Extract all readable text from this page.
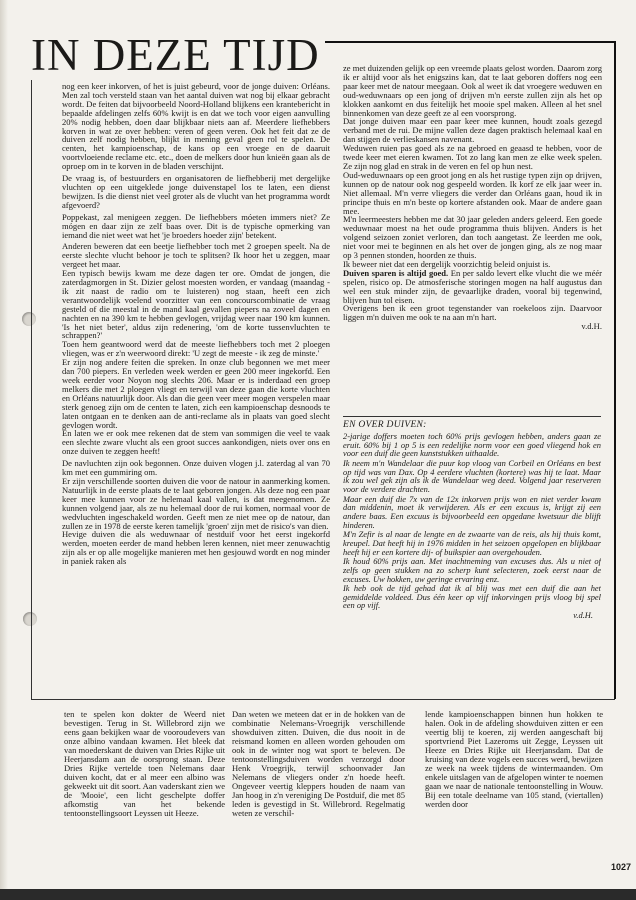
IN DEZE TIJD

nog een keer inkorven, of het is juist gebeurd, voor de jonge duiven: Orléans. Men zal toch versteld staan van het aantal duiven wat nog bij elkaar gebracht wordt. De feiten dat bijvoorbeeld Noord-Holland blijkens een krantebericht in bepaalde afdelingen zelfs 60% kwijt is en dat we toch voor eigen aanvulling 20% nodig hebben, doen daar blijkbaar niets aan af. Meerdere liefhebbers korven in wat ze over hebben: veren of geen veren. Ook het feit dat ze de duiven zelf nodig hebben, blijkt in mening geval geen rol te spelen. De centen, het kampioenschap, de kans op een vroege en de daaruit voortvloeiende reclame etc. etc., doen de melkers door hun knieën gaan als de oproep om in te korven in de bladen verschijnt.

De vraag is, of bestuurders en organisatoren de liefhebberij met dergelijke vluchten op een uitgeklede jonge duivenstapel los te laten, een dienst bewijzen. Is die dienst niet veel groter als de vlucht van het programma wordt afgevoerd?

Poppekast, zal menigeen zeggen. De liefhebbers móeten immers niet? Ze mógen en daar zijn ze zelf baas over. Dit is de typische opmerking van iemand die niet weet wat het 'je broeders hoeder zijn' betekent.

Anderen beweren dat een beetje liefhebber toch met 2 groepen speelt. Na de eerste slechte vlucht behoor je toch te splitsen? Ik hoor het u zeggen, maar vergeet het maar.

Een typisch bewijs kwam me deze dagen ter ore. Omdat de jongen, die zaterdagmorgen in St. Dizier gelost moesten worden, er vandaag (maandag - ik zit naast de radio om te luisteren) nog staan, heeft een zich verantwoordelijk voelend voorzitter van een concourscombinatie de vraag gesteld of die meestal in de mand kaal gevallen piepers na zoveel dagen en nachten en na 390 km te hebben gevlogen, vrijdag weer naar 190 km kunnen. 'Is het niet beter', aldus zijn redenering, 'om de korte tussenvluchten te schrappen?'

Toen hem geantwoord werd dat de meeste liefhebbers toch met 2 ploegen vliegen, was er z'n weerwoord direkt: 'U zegt de meeste - ik zeg de minste.'

Er zijn nog andere feiten die spreken. In onze club begonnen we met meer dan 700 piepers. En verleden week werden er geen 200 meer ingekorfd. Een week eerder voor Noyon nog slechts 206. Maar er is inderdaad een groep melkers die met 2 ploegen vliegt en terwijl van deze gaan die korte vluchten en Orléans natuurlijk door. Als dan die geen veer meer mogen verspelen maar sterk genoeg zijn om de centen te laten, zich een kampioenschap desnoods te laten ontgaan en te denken aan de anti-reclame als in plaats van goed slecht gevlogen wordt.

En laten we er ook mee rekenen dat de stem van sommigen die veel te vaak een slechte zware vlucht als een groot succes aankondigen, niets over ons en onze duiven te zeggen heeft!

De navluchten zijn ook begonnen. Onze duiven vlogen j.l. zaterdag al van 70 km met een gummiring om.

Er zijn verschillende soorten duiven die voor de natour in aanmerking komen. Natuurlijk in de eerste plaats de te laat geboren jongen. Als deze nog een paar keer mee kunnen voor ze helemaal kaal vallen, is dat meegenomen. Ze kunnen volgend jaar, als ze nu helemaal door de rui komen, normaal voor de wedvluchten ingeschakeld worden. Geeft men ze niet mee op de natour, dan zullen ze in 1978 de eerste keren tamelijk 'groen' zijn met de risico's van dien.

Hevige duiven die als weduwnaar of nestduif voor het eerst ingekorfd werden, moeten eerder de mand hebben leren kennen, niet meer zenuwachtig zijn als er op alle mogelijke manieren met hen gesjouwd wordt en nog minder in paniek raken als

ze met duizenden gelijk op een vreemde plaats gelost worden. Daarom zorg ik er altijd voor als het enigszins kan, dat te laat geboren doffers nog een paar keer met de natour meegaan. Ook al weet ik dat vroegere weduwen en oud-weduwnaars op een jong of drijven m'n eerste zullen zijn als het op klokken aankomt en dus feitelijk het mooie spel maken. Alleen al het snel binnenkomen van deze geeft ze al een voorsprong.

Dat jonge duiven maar een paar keer mee kunnen, houdt zoals gezegd verband met de rui. De mijne vallen deze dagen praktisch helemaal kaal en dan stijgen de verlieskansen navenant.

Weduwen ruien pas goed als ze na gebroed en geaasd te hebben, voor de twede keer met eieren kwamen. Tot zo lang kan men ze elke week spelen. Ze zijn nog glad en strak in de veren en fel op hun nest.

Oud-weduwnaars op een groot jong en als het rustige typen zijn op drijven, kunnen op de natour ook nog gespeeld worden. Ik korf ze elk jaar weer in. Niet allemaal. M'n verre vliegers die verder dan Orléans gaan, houd ik in principe thuis en m'n beste op kortere afstanden ook. Maar de andere gaan mee.

M'n leermeesters hebben me dat 30 jaar geleden anders geleerd. Een goede weduwnaar moest na het oude programma thuis blijven. Anders is het volgend seizoen zoniet verloren, dan toch aangetast. Ze leerden me ook, niet voor mei te beginnen en als het over de jongen ging, als ze nog maar op 3 pennen stonden, hoorden ze thuis.

Ik beweer niet dat een dergelijk voorzichtig beleid onjuist is.
Duiven sparen is altijd goed. En per saldo levert elke vlucht die we méér spelen, risico op. De atmosferische storingen mogen na half augustus dan wel een stuk minder zijn, de gevaarlijke draden, vooral bij tegenwind, blijven hun tol eisen.

Overigens ben ik een groot tegenstander van roekeloos zijn. Daarvoor liggen m'n duiven me ook te na aan m'n hart.

v.d.H.

EN OVER DUIVEN:

2-jarige doffers moeten toch 60% prijs gevlogen hebben, anders gaan ze eruit. 60% bij 1 op 5 is een redelijke norm voor een goed vliegend hok en voor een duif die geen kunststukken uithaalde.

Ik neem m'n Wandelaar die puur kop vloog van Corbeil en Orléans en best op tijd was van Dax. Op 4 eerdere vluchten (kortere) was hij te laat. Maar ik zou wel gek zijn als ik de Wandelaar weg deed. Volgend jaar reserveren voor de verdere drachten.

Maar een duif die 7x van de 12x inkorven prijs won en niet verder kwam dan middenin, moet ik verwijderen. Als er een excuus is, krijgt zij een andere baas. Een excuus is bijvoorbeeld een opgedane kwetsuur die blijft hinderen.

M'n Zefir is al naar de lengte en de zwaarte van de reis, als hij thuis komt, kreupel. Dat heeft hij in 1976 midden in het seizoen opgelopen en blijkbaar heeft hij er een kortere dij- of buikspier aan overgehouden.

Ik houd 60% prijs aan. Met inachtneming van excuses dus. Als u niet of zelfs op geen stukken na zo scherp kunt selecteren, zoek eerst naar de excuses. Uw hokken, uw geringe ervaring enz.

Ik heb ook de tijd gehad dat ik al blij was met een duif die aan het gemiddelde voldeed. Dus één keer op vijf inkorvingen prijs vloog bij spel een op vijf.

v.d.H.

ten te spelen kon dokter de Weerd niet bevestigen. Terug in St. Willebrord zijn we eens gaan bekijken waar de vooroudevers van onze albino vandaan kwamen. Het bleek dat van moederskant de duiven van Dries Rijke uit Heerjansdam aan de oorsprong staan. Deze Dries Rijke vertelde toen Nelemans daar duiven kocht, dat er al meer een albino was gekweekt uit dit soort. Aan vaderskant zien we de 'Mooie', een licht geschelpte doffer afkomstig van het bekende tentoonstellingsoort Leyssen uit Heeze.

Dan weten we meteen dat er in de hokken van de combinatie Nelemans-Vroegrijk verschillende showduiven zitten. Duiven, die dus nooit in de reismand komen en alleen worden gehouden om ook in de winter nog wat sport te beleven. De tentoonstellingsduiven worden verzorgd door Henk Vroegrijk, terwijl schoonvader Jan Nelemans de vliegers onder z'n hoede heeft. Ongeveer veertig kleppers houden de naam van Jan hoog in z'n vereniging De Postduif, die met 85 leden is gevestigd in St. Willebrord. Regelmatig weten ze verschil-

lende kampioenschappen binnen hun hokken te halen. Ook in de afdeling showduiven zitten er een veertig blij te koeren, zij werden aangeschaft bij sportvriend Piet Lazeroms uit Zegge, Leyssen uit Heeze en Dries Rijke uit Heerjansdam. Dat de kruising van deze vogels een succes werd, bewijzen ze week na week tijdens de wintermaanden. Om enkele uitslagen van de afgelopen winter te noemen gaan we naar de nationale tentoonstelling in Wouw. Bij een totale deelname van 105 stand, (viertallen) werden door

1027
